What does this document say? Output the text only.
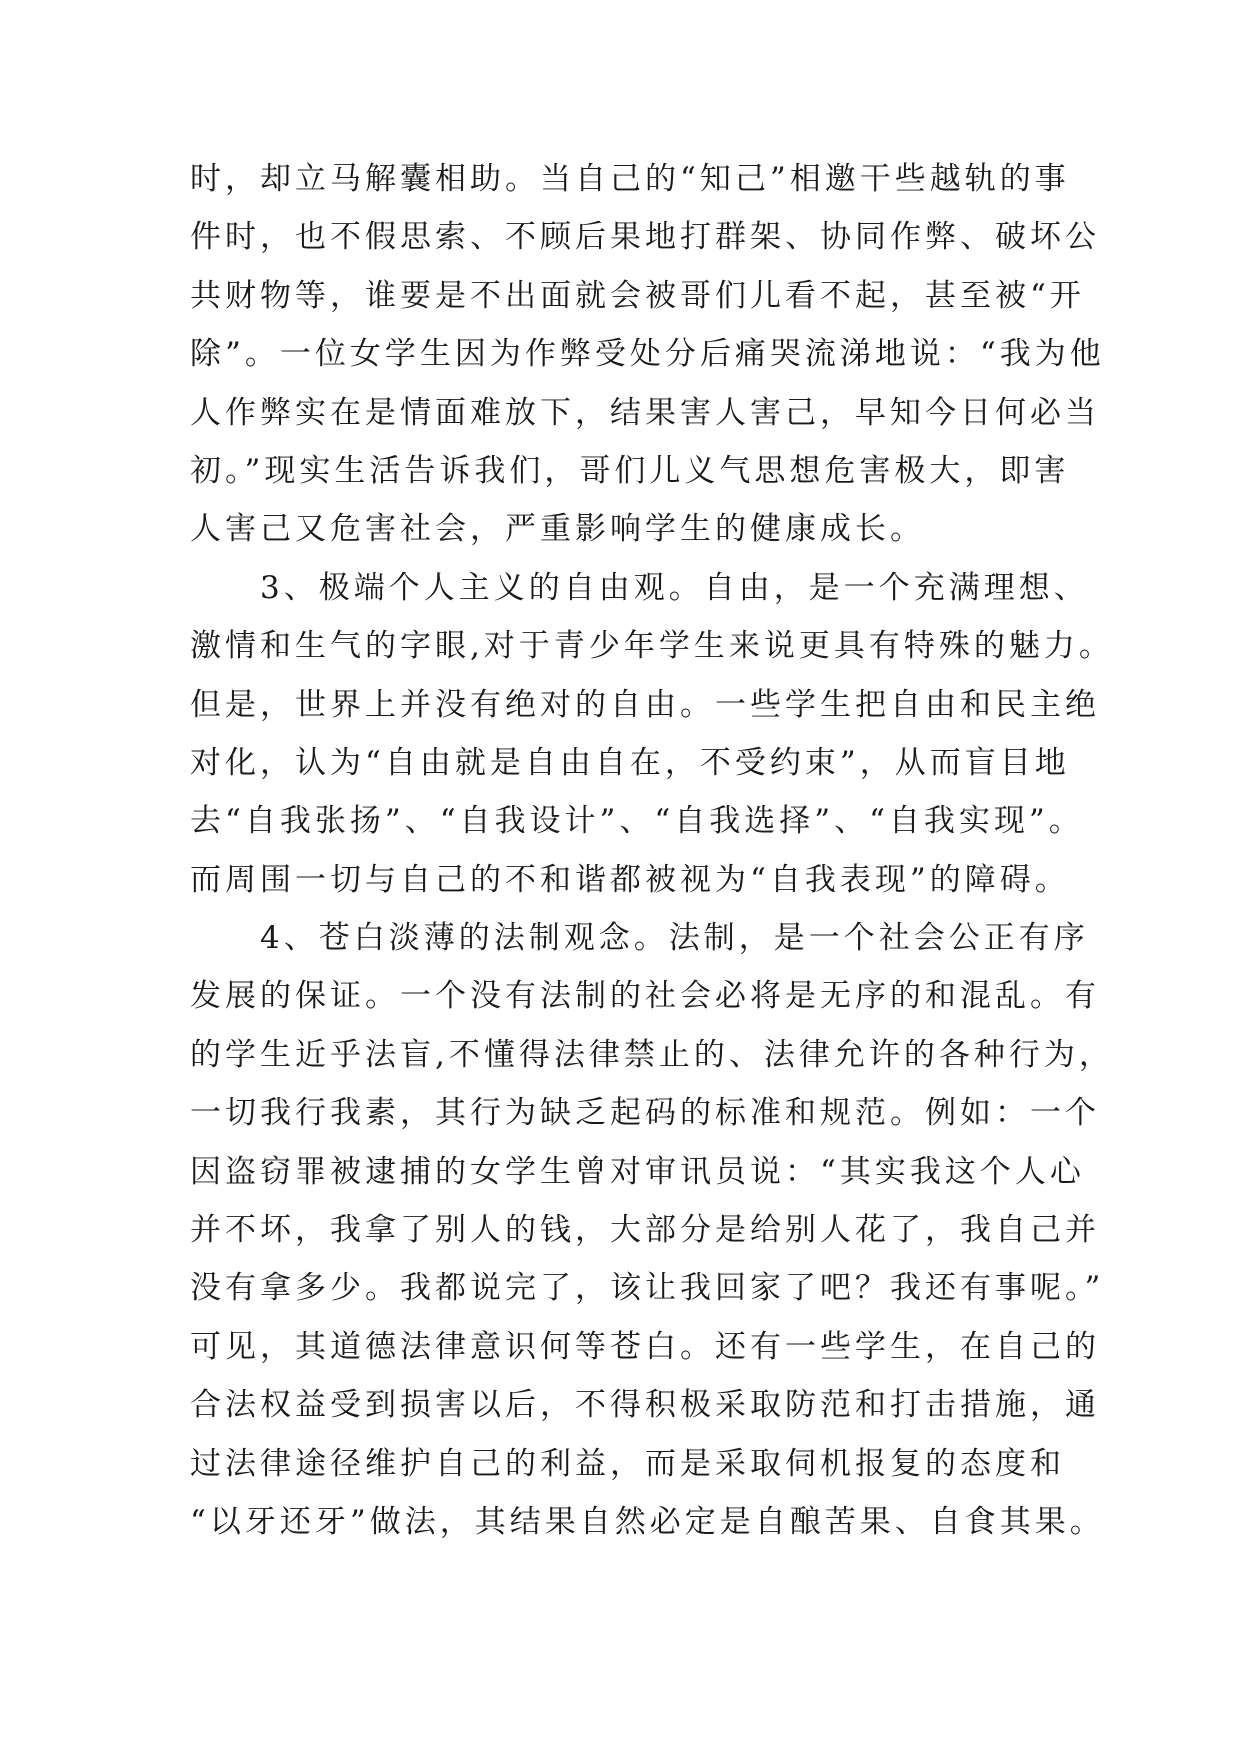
时，却立马解囊相助。当自己的“知己”相邀干些越轨的事
件时，也不假思索、不顾后果地打群架、协同作弊、破坏公
共财物等，谁要是不出面就会被哥们儿看不起，甚至被“开
除”。一位女学生因为作弊受处分后痛哭流涕地说：“我为他
人作弊实在是情面难放下，结果害人害己，早知今日何必当
初。”现实生活告诉我们，哥们儿义气思想危害极大，即害
人害己又危害社会，严重影响学生的健康成长。
　　3、极端个人主义的自由观。自由，是一个充满理想、
激情和生气的字眼,对于青少年学生来说更具有特殊的魅力。
但是，世界上并没有绝对的自由。一些学生把自由和民主绝
对化，认为“自由就是自由自在，不受约束”，从而盲目地
去“自我张扬”、“自我设计”、“自我选择”、“自我实现”。
而周围一切与自己的不和谐都被视为“自我表现”的障碍。
　　4、苍白淡薄的法制观念。法制，是一个社会公正有序
发展的保证。一个没有法制的社会必将是无序的和混乱。有
的学生近乎法盲,不懂得法律禁止的、法律允许的各种行为，
一切我行我素，其行为缺乏起码的标准和规范。例如：一个
因盗窃罪被逮捕的女学生曾对审讯员说：“其实我这个人心
并不坏，我拿了别人的钱，大部分是给别人花了，我自己并
没有拿多少。我都说完了，该让我回家了吧？我还有事呢。”
可见，其道德法律意识何等苍白。还有一些学生，在自己的
合法权益受到损害以后，不得积极采取防范和打击措施，通
过法律途径维护自己的利益，而是采取伺机报复的态度和
“以牙还牙”做法，其结果自然必定是自酿苦果、自食其果。
